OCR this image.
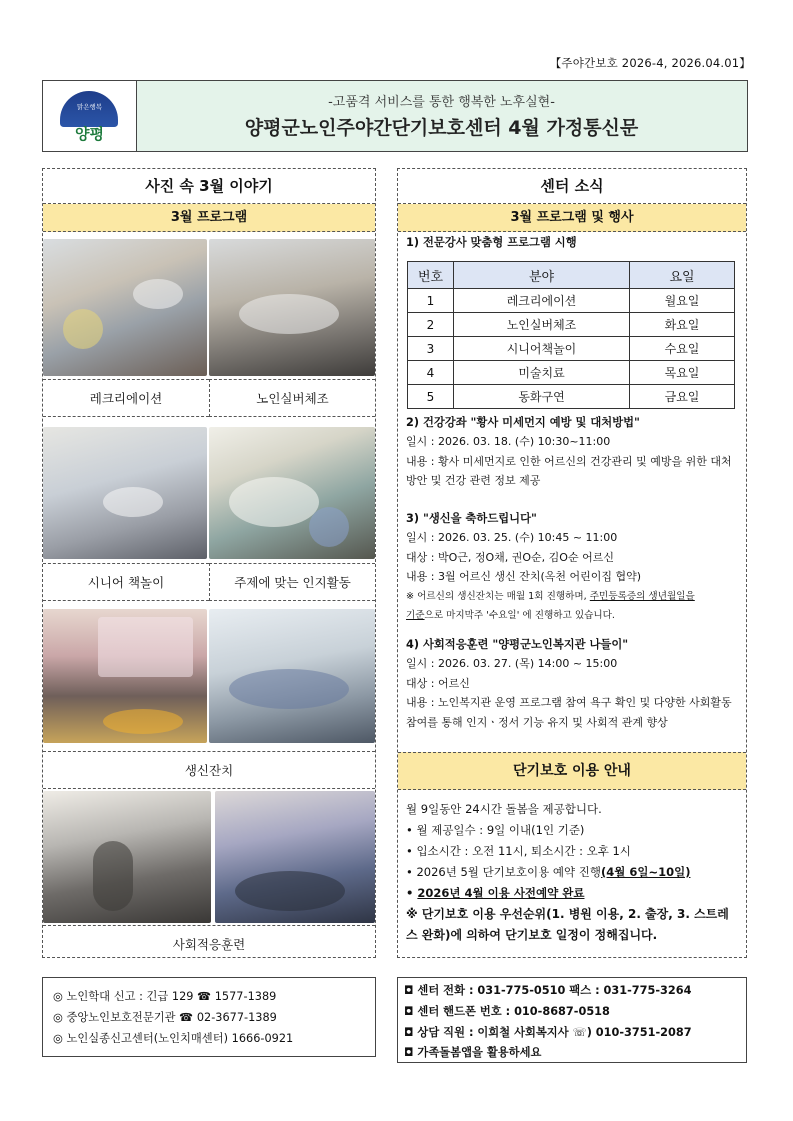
【주야간보호 2026-4, 2026.04.01】
맑은행복
양평
-고품격 서비스를 통한 행복한 노후실현-
양평군노인주야간단기보호센터 4월 가정통신문
사진 속 3월 이야기
3월 프로그램
레크리에이션	노인실버체조
시니어 책놀이	주제에 맞는 인지활동
생신잔치
사회적응훈련
센터 소식
3월 프로그램 및 행사
1) 전문강사 맞춤형 프로그램 시행
번호	분야	요일
1	레크리에이션	월요일
2	노인실버체조	화요일
3	시니어책놀이	수요일
4	미술치료	목요일
5	동화구연	금요일
2) 건강강좌 "황사 미세먼지 예방 및 대처방법"
일시 : 2026. 03. 18. (수) 10:30~11:00
내용 : 황사 미세먼지로 인한 어르신의 건강관리 및 예방을 위한 대처 방안 및 건강 관련 정보 제공
3) "생신을 축하드립니다"
일시 : 2026. 03. 25. (수) 10:45 ~ 11:00
대상 : 박O근, 정O채, 권O순, 김O순 어르신
내용 : 3월 어르신 생신 잔치(옥천 어린이집 협약)
※ 어르신의 생신잔치는 매월 1회 진행하며, 주민등록증의 생년월일을
기준으로 마지막주 '수요일' 에 진행하고 있습니다.
4) 사회적응훈련 "양평군노인복지관 나들이"
일시 : 2026. 03. 27. (목) 14:00 ~ 15:00
대상 : 어르신
내용 : 노인복지관 운영 프로그램 참여 욕구 확인 및 다양한 사회활동 참여를 통해 인지ㆍ정서 기능 유지 및 사회적 관계 향상
단기보호 이용 안내
월 9일동안 24시간 돌봄을 제공합니다.
• 월 제공일수 : 9일 이내(1인 기준)
• 입소시간 : 오전 11시, 퇴소시간 : 오후 1시
• 2026년 5월 단기보호이용 예약 진행(4월 6일~10일)
• 2026년 4월 이용 사전예약 완료
※ 단기보호 이용 우선순위(1. 병원 이용, 2. 출장, 3. 스트레스 완화)에 의하여 단기보호 일정이 정해집니다.
◎ 노인학대 신고 : 긴급 129 ☎ 1577-1389
◎ 중앙노인보호전문기관 ☎ 02-3677-1389
◎ 노인실종신고센터(노인치매센터) 1666-0921
◘ 센터 전화 : 031-775-0510 팩스 : 031-775-3264
◘ 센터 핸드폰 번호 : 010-8687-0518
◘ 상담 직원 : 이희철 사회복지사 ☏) 010-3751-2087
◘ 가족돌봄앱을 활용하세요
